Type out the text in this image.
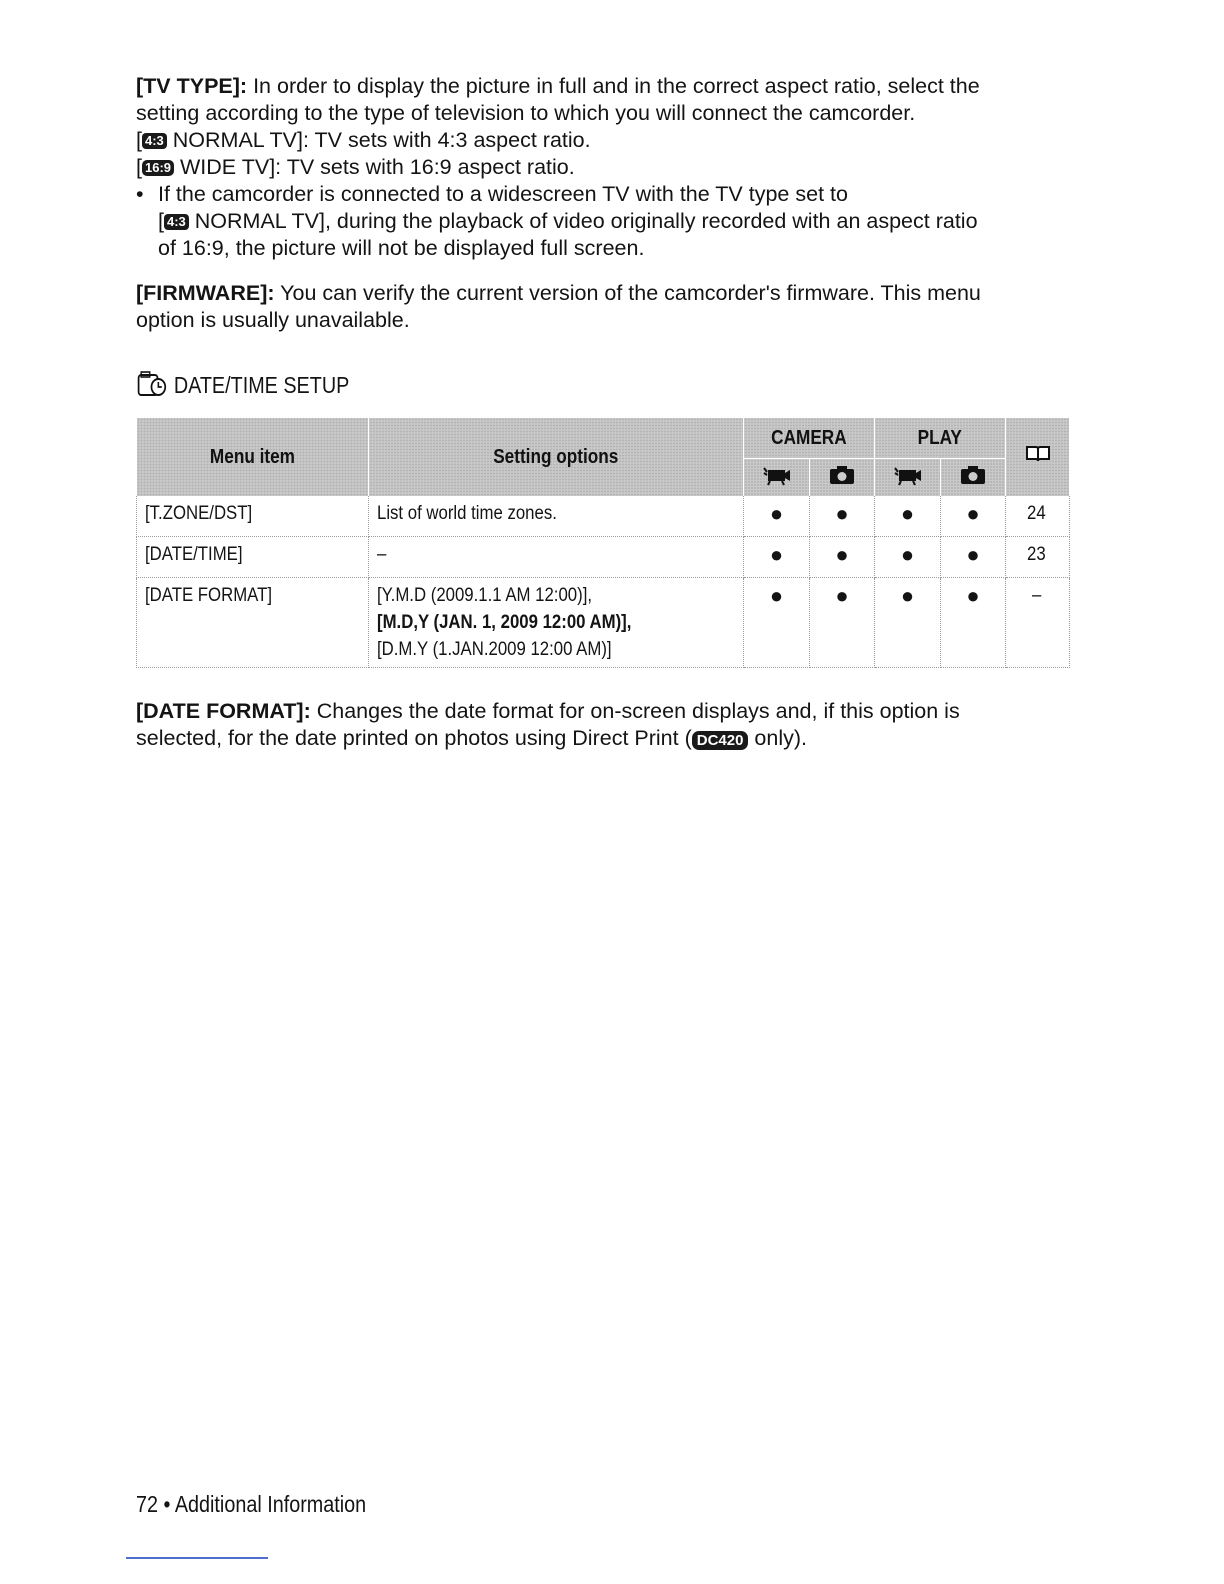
[TV TYPE]: In order to display the picture in full and in the correct aspect ratio, select the
setting according to the type of television to which you will connect the camcorder.
[ 4:3 NORMAL TV]: TV sets with 4:3 aspect ratio.
[ 16:9 WIDE TV]: TV sets with 16:9 aspect ratio.
• If the camcorder is connected to a widescreen TV with the TV type set to
[ 4:3 NORMAL TV], during the playback of video originally recorded with an aspect ratio
of 16:9, the picture will not be displayed full screen.
[FIRMWARE]: You can verify the current version of the camcorder's firmware. This menu
option is usually unavailable.
DATE/TIME SETUP
Menu item	Setting options	CAMERA		PLAY	

[T.ZONE/DST]	List of world time zones.	●	●	●	●	24
[DATE/TIME]	–	●	●	●	●	23
[DATE FORMAT]	[Y.M.D (2009.1.1 AM 12:00)],
[M.D,Y (JAN. 1, 2009 12:00 AM)],
[D.M.Y (1.JAN.2009 12:00 AM)]	●	●	●	●	–
[DATE FORMAT]: Changes the date format for on-screen displays and, if this option is
selected, for the date printed on photos using Direct Print ( DC420 only).
72 • Additional Information
